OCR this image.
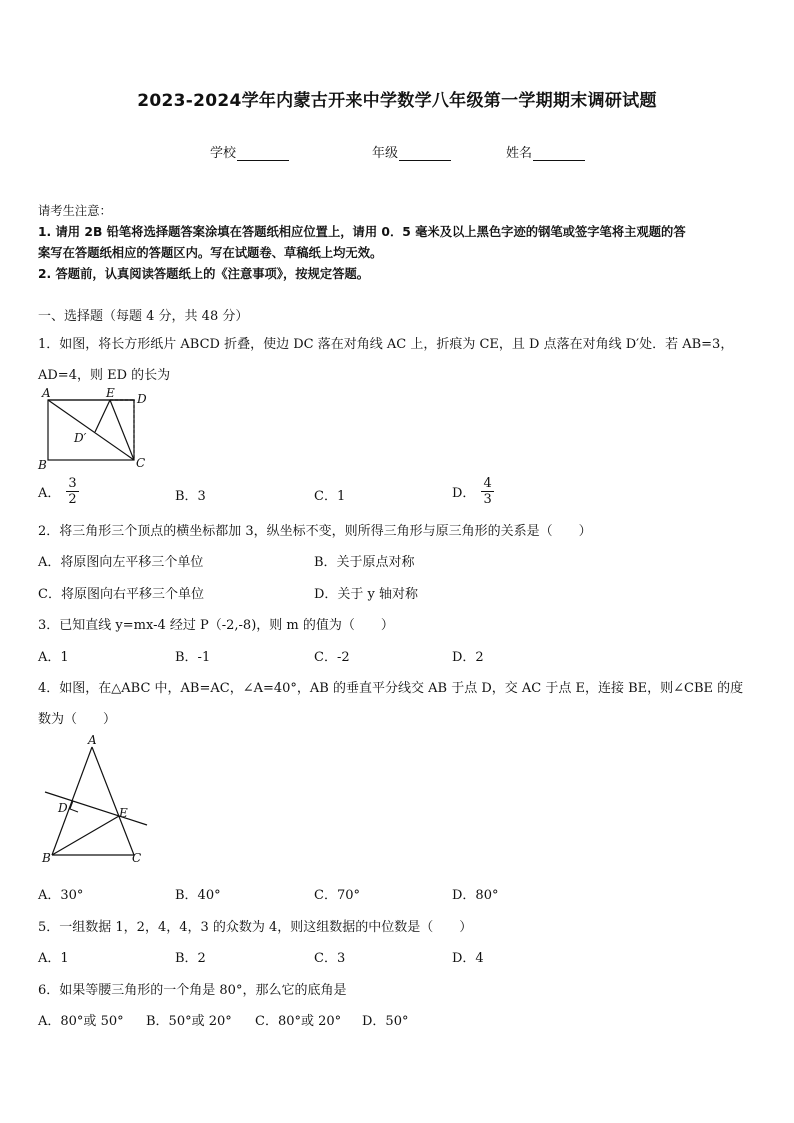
2023-2024学年内蒙古开来中学数学八年级第一学期期末调研试题
学校	年级	姓名
请考生注意：
1. 请用 2B 铅笔将选择题答案涂填在答题纸相应位置上，请用 0．5 毫米及以上黑色字迹的钢笔或签字笔将主观题的答
案写在答题纸相应的答题区内。写在试题卷、草稿纸上均无效。
2. 答题前，认真阅读答题纸上的《注意事项》，按规定答题。
一、选择题（每题 4 分，共 48 分）
1．如图，将长方形纸片 ABCD 折叠，使边 DC 落在对角线 AC 上，折痕为 CE，且 D 点落在对角线 D′处．若 AB=3，
AD=4，则 ED 的长为
A	E D
D′
B	C
A． $\frac{3}{2}$	B．3	C．1	D． $\frac{4}{3}$
2．将三角形三个顶点的横坐标都加 3，纵坐标不变，则所得三角形与原三角形的关系是（　　）
A．将原图向左平移三个单位	B．关于原点对称
C．将原图向右平移三个单位	D．关于 y 轴对称
3．已知直线 y=mx-4 经过 P（-2,-8)，则 m 的值为（　　）
A．1	B．-1	C．-2	D．2
4．如图，在△ABC 中，AB=AC，∠A=40°，AB 的垂直平分线交 AB 于点 D，交 AC 于点 E，连接 BE，则∠CBE 的度
数为（　　）
A
D	E
B	C
A．30°	B．40°	C．70°	D．80°
5．一组数据 1，2，4，4，3 的众数为 4，则这组数据的中位数是（　　）
A．1	B．2	C．3	D．4
6．如果等腰三角形的一个角是 80°，那么它的底角是
A．80°或 50° B．50°或 20° C．80°或 20° D．50°
